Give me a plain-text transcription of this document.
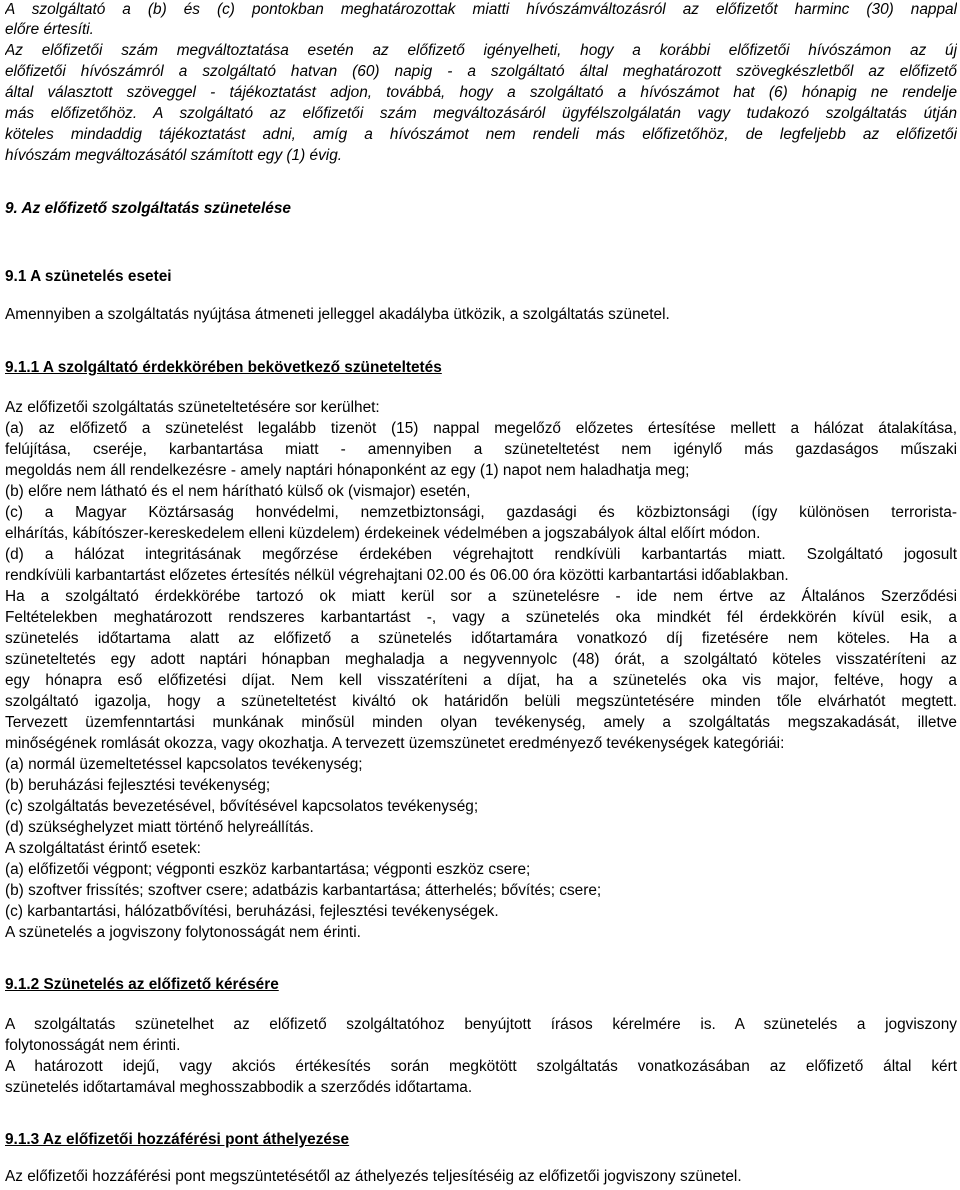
A szolgáltató a (b) és (c) pontokban meghatározottak miatti hívószámváltozásról az előfizetőt harminc (30) nappal
előre értesíti.
Az előfizetői szám megváltoztatása esetén az előfizető igényelheti, hogy a korábbi előfizetői hívószámon az új
előfizetői hívószámról a szolgáltató hatvan (60) napig - a szolgáltató által meghatározott szövegkészletből az előfizető
által választott szöveggel - tájékoztatást adjon, továbbá, hogy a szolgáltató a hívószámot hat (6) hónapig ne rendelje
más előfizetőhöz. A szolgáltató az előfizetői szám megváltozásáról ügyfélszolgálatán vagy tudakozó szolgáltatás útján
köteles mindaddig tájékoztatást adni, amíg a hívószámot nem rendeli más előfizetőhöz, de legfeljebb az előfizetői
hívószám megváltozásától számított egy (1) évig.
9. Az előfizető szolgáltatás szünetelése
9.1 A szünetelés esetei
Amennyiben a szolgáltatás nyújtása átmeneti jelleggel akadályba ütközik, a szolgáltatás szünetel.
9.1.1 A szolgáltató érdekkörében bekövetkező szüneteltetés
Az előfizetői szolgáltatás szüneteltetésére sor kerülhet:
(a) az előfizető a szünetelést legalább tizenöt (15) nappal megelőző előzetes értesítése mellett a hálózat átalakítása,
felújítása, cseréje, karbantartása miatt - amennyiben a szüneteltetést nem igénylő más gazdaságos műszaki
megoldás nem áll rendelkezésre - amely naptári hónaponként az egy (1) napot nem haladhatja meg;
(b) előre nem látható és el nem hárítható külső ok (vismajor) esetén,
(c) a Magyar Köztársaság honvédelmi, nemzetbiztonsági, gazdasági és közbiztonsági (így különösen terrorista-
elhárítás, kábítószer-kereskedelem elleni küzdelem) érdekeinek védelmében a jogszabályok által előírt módon.
(d) a hálózat integritásának megőrzése érdekében végrehajtott rendkívüli karbantartás miatt. Szolgáltató jogosult
rendkívüli karbantartást előzetes értesítés nélkül végrehajtani 02.00 és 06.00 óra közötti karbantartási időablakban.
Ha a szolgáltató érdekkörébe tartozó ok miatt kerül sor a szünetelésre - ide nem értve az Általános Szerződési
Feltételekben meghatározott rendszeres karbantartást -, vagy a szünetelés oka mindkét fél érdekkörén kívül esik, a
szünetelés időtartama alatt az előfizető a szünetelés időtartamára vonatkozó díj fizetésére nem köteles. Ha a
szüneteltetés egy adott naptári hónapban meghaladja a negyvennyolc (48) órát, a szolgáltató köteles visszatéríteni az
egy hónapra eső előfizetési díjat. Nem kell visszatéríteni a díjat, ha a szünetelés oka vis major, feltéve, hogy a
szolgáltató igazolja, hogy a szüneteltetést kiváltó ok határidőn belüli megszüntetésére minden tőle elvárhatót megtett.
Tervezett üzemfenntartási munkának minősül minden olyan tevékenység, amely a szolgáltatás megszakadását, illetve
minőségének romlását okozza, vagy okozhatja. A tervezett üzemszünetet eredményező tevékenységek kategóriái:
(a) normál üzemeltetéssel kapcsolatos tevékenység;
(b) beruházási fejlesztési tevékenység;
(c) szolgáltatás bevezetésével, bővítésével kapcsolatos tevékenység;
(d) szükséghelyzet miatt történő helyreállítás.
A szolgáltatást érintő esetek:
(a) előfizetői végpont; végponti eszköz karbantartása; végponti eszköz csere;
(b) szoftver frissítés; szoftver csere; adatbázis karbantartása; átterhelés; bővítés; csere;
(c) karbantartási, hálózatbővítési, beruházási, fejlesztési tevékenységek.
A szünetelés a jogviszony folytonosságát nem érinti.
9.1.2 Szünetelés az előfizető kérésére
A szolgáltatás szünetelhet az előfizető szolgáltatóhoz benyújtott írásos kérelmére is. A szünetelés a jogviszony
folytonosságát nem érinti.
A határozott idejű, vagy akciós értékesítés során megkötött szolgáltatás vonatkozásában az előfizető által kért
szünetelés időtartamával meghosszabbodik a szerződés időtartama.
9.1.3 Az előfizetői hozzáférési pont áthelyezése
Az előfizetői hozzáférési pont megszüntetésétől az áthelyezés teljesítéséig az előfizetői jogviszony szünetel.
